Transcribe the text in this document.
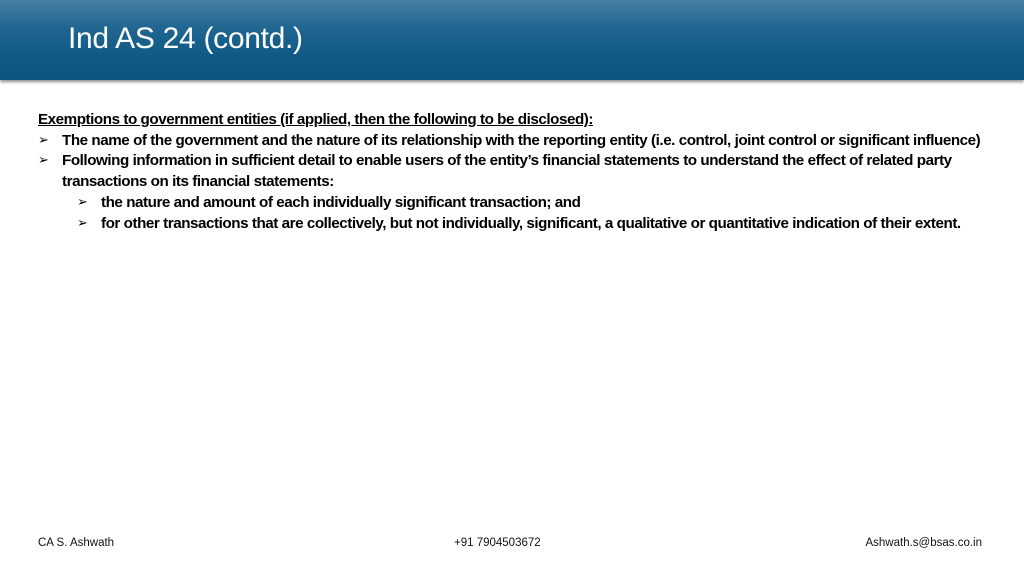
Ind AS 24 (contd.)
Exemptions to government entities (if applied, then the following to be disclosed):
➢ The name of the government and the nature of its relationship with the reporting entity (i.e. control, joint control or significant influence)
➢ Following information in sufficient detail to enable users of the entity’s financial statements to understand the effect of related party transactions on its financial statements:
➢ the nature and amount of each individually significant transaction; and
➢ for other transactions that are collectively, but not individually, significant, a qualitative or quantitative indication of their extent.
CA S. Ashwath	+91 7904503672	Ashwath.s@bsas.co.in
